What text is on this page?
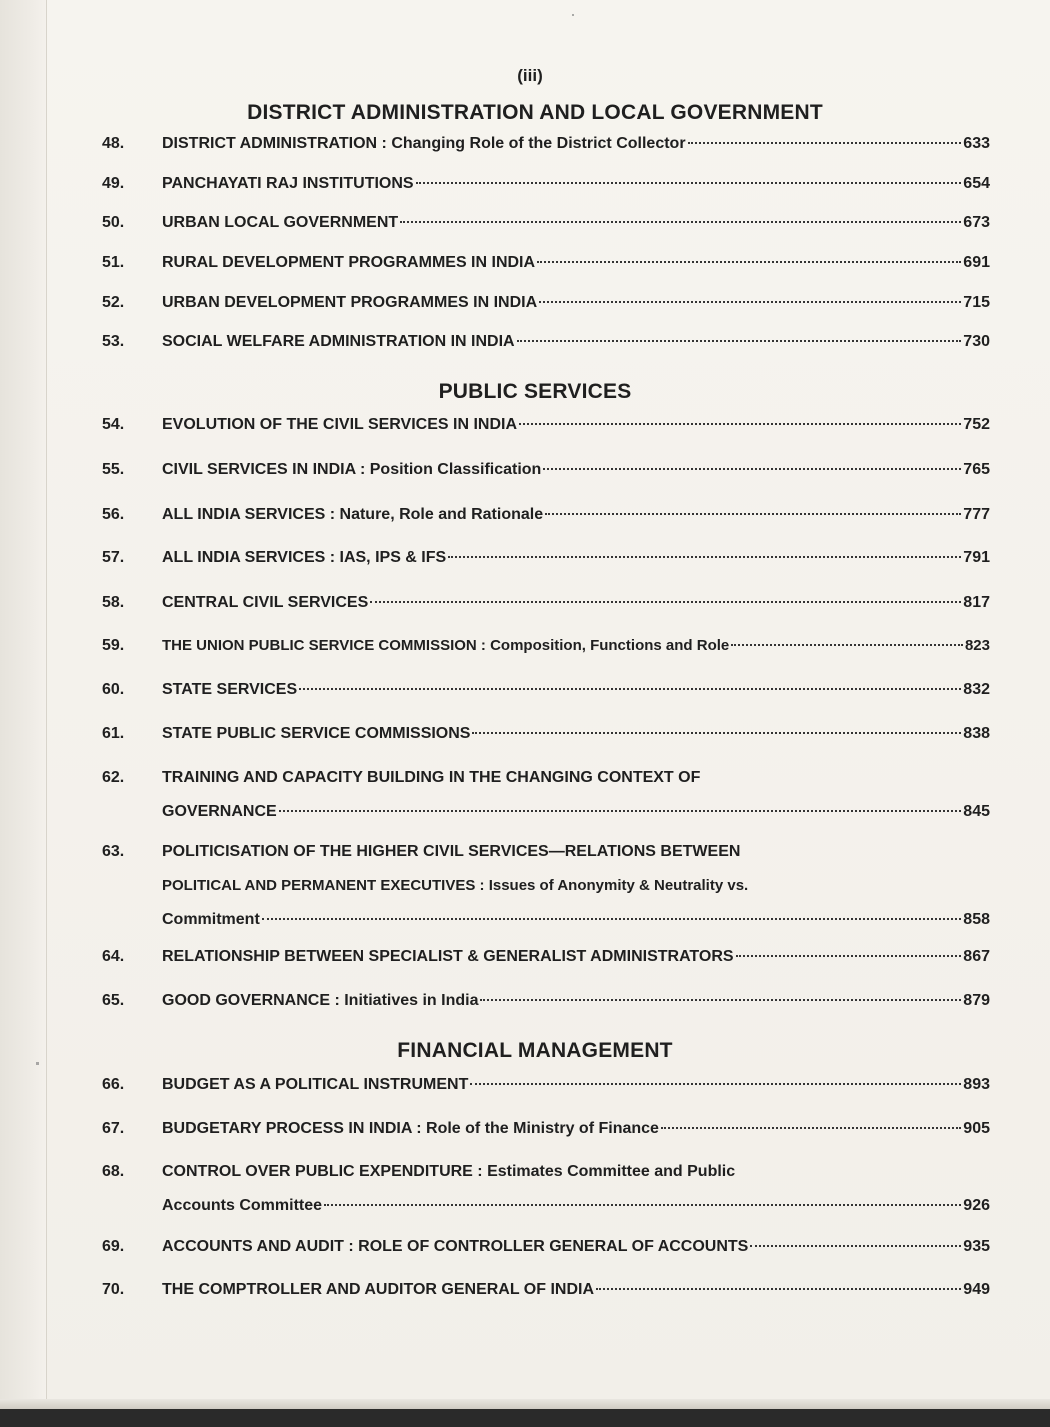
(iii)
DISTRICT ADMINISTRATION AND LOCAL GOVERNMENT
PUBLIC SERVICES
FINANCIAL MANAGEMENT
48.	DISTRICT ADMINISTRATION : Changing Role of the District Collector	633
49.	PANCHAYATI RAJ INSTITUTIONS	654
50.	URBAN LOCAL GOVERNMENT	673
51.	RURAL DEVELOPMENT PROGRAMMES IN INDIA	691
52.	URBAN DEVELOPMENT PROGRAMMES IN INDIA	715
53.	SOCIAL WELFARE ADMINISTRATION IN INDIA	730
54.	EVOLUTION OF THE CIVIL SERVICES IN INDIA	752
55.	CIVIL SERVICES IN INDIA : Position Classification	765
56.	ALL INDIA SERVICES : Nature, Role and Rationale	777
57.	ALL INDIA SERVICES : IAS, IPS & IFS	791
58.	CENTRAL CIVIL SERVICES	817
59.	THE UNION PUBLIC SERVICE COMMISSION : Composition, Functions and Role	823
60.	STATE SERVICES	832
61.	STATE PUBLIC SERVICE COMMISSIONS	838
62.	TRAINING AND CAPACITY BUILDING IN THE CHANGING CONTEXT OF
GOVERNANCE	845
63.	POLITICISATION OF THE HIGHER CIVIL SERVICES—RELATIONS BETWEEN
POLITICAL AND PERMANENT EXECUTIVES : Issues of Anonymity & Neutrality vs.
Commitment	858
64.	RELATIONSHIP BETWEEN SPECIALIST & GENERALIST ADMINISTRATORS	867
65.	GOOD GOVERNANCE : Initiatives in India	879
66.	BUDGET AS A POLITICAL INSTRUMENT	893
67.	BUDGETARY PROCESS IN INDIA : Role of the Ministry of Finance	905
68.	CONTROL OVER PUBLIC EXPENDITURE : Estimates Committee and Public
Accounts Committee	926
69.	ACCOUNTS AND AUDIT : ROLE OF CONTROLLER GENERAL OF ACCOUNTS	935
70.	THE COMPTROLLER AND AUDITOR GENERAL OF INDIA	949
